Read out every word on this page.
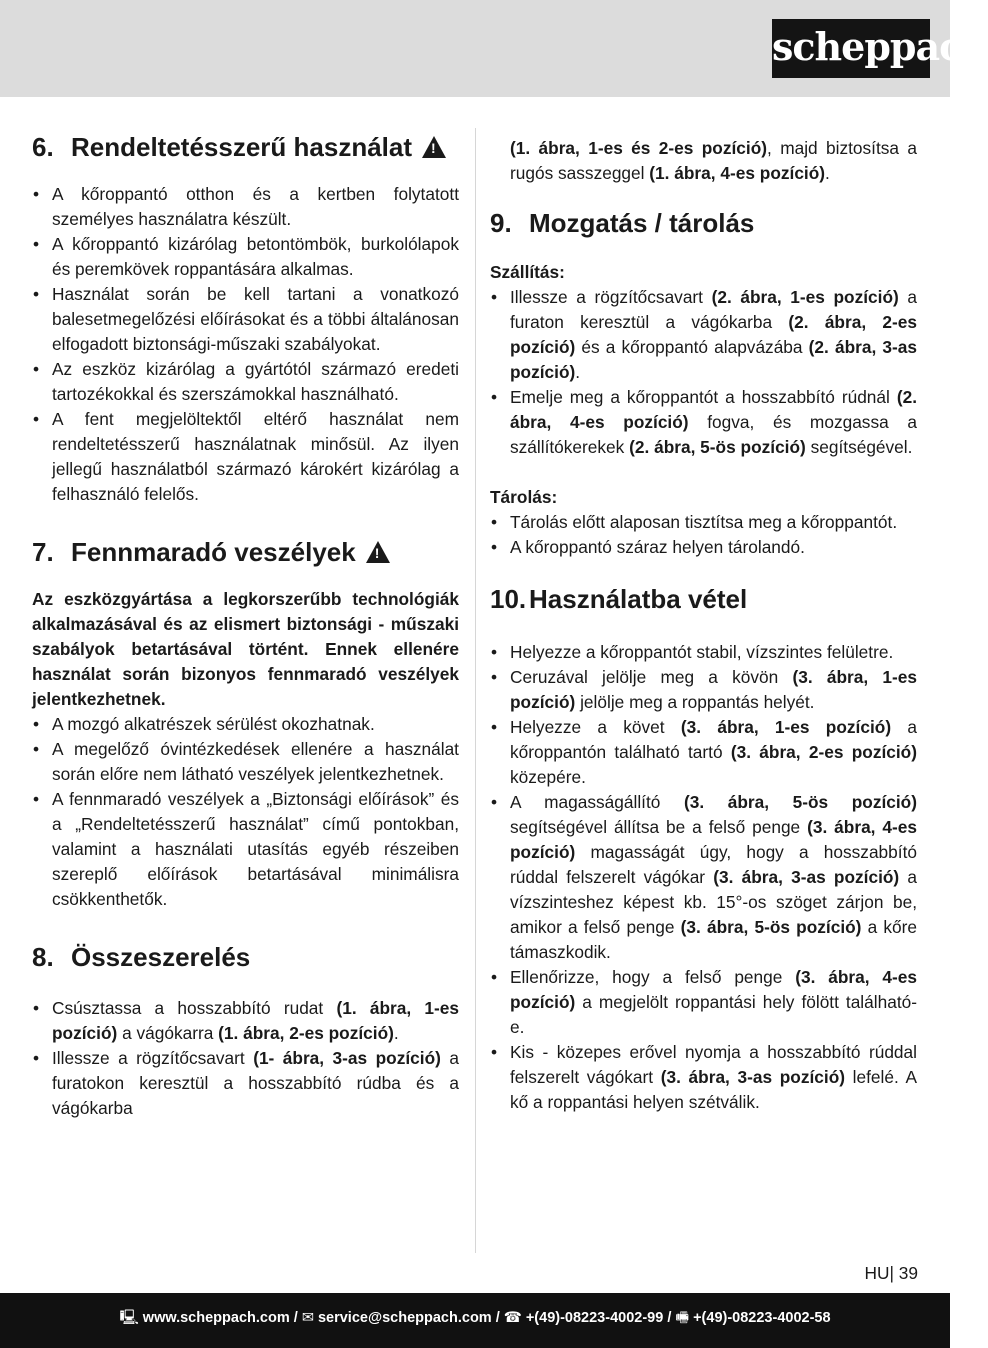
scheppach
6. Rendeltetésszerű használat
!
• A kőroppantó otthon és a kertben folytatott személyes használatra készült.
• A kőroppantó kizárólag betontömbök, burkolólapok és peremkövek roppantására alkalmas.
• Használat során be kell tartani a vonatkozó balesetmegelőzési előírásokat és a többi általánosan elfogadott biztonsági-műszaki szabályokat.
• Az eszköz kizárólag a gyártótól származó eredeti tartozékokkal és szerszámokkal használható.
• A fent megjelöltektől eltérő használat nem rendeltetésszerű használatnak minősül. Az ilyen jellegű használatból származó károkért kizárólag a felhasználó felelős.
7. Fennmaradó veszélyek
!

Az eszközgyártása a legkorszerűbb technológiák alkalmazásával és az elismert biztonsági - műszaki szabályok betartásával történt. Ennek ellenére használat során bizonyos fennmaradó veszélyek jelentkezhetnek.

• A mozgó alkatrészek sérülést okozhatnak.
• A megelőző óvintézkedések ellenére a használat során előre nem látható veszélyek jelentkezhetnek.
• A fennmaradó veszélyek a „Biztonsági előírások” és a „Rendeltetésszerű használat” című pontokban, valamint a használati utasítás egyéb részeiben szereplő előírások betartásával minimálisra csökkenthetők.
8. Összeszerelés
• Csúsztassa a hosszabbító rudat (1. ábra, 1-es pozíció) a vágókarra (1. ábra, 2-es pozíció).
• Illessze a rögzítőcsavart (1- ábra, 3-as pozíció) a furatokon keresztül a hosszabbító rúdba és a vágókarba

(1. ábra, 1-es és 2-es pozíció), majd biztosítsa a rugós sasszeggel (1. ábra, 4-es pozíció).

9. Mozgatás / tárolás
Szállítás:
• Illessze a rögzítőcsavart (2. ábra, 1-es pozíció) a furaton keresztül a vágókarba (2. ábra, 2-es pozíció) és a kőroppantó alapvázába (2. ábra, 3-as pozíció).
• Emelje meg a kőroppantót a hosszabbító rúdnál (2. ábra, 4-es pozíció) fogva, és mozgassa a szállítókerekek (2. ábra, 5-ös pozíció) segítségével.
Tárolás:
• Tárolás előtt alaposan tisztítsa meg a kőroppantót.
• A kőroppantó száraz helyen tárolandó.
10. Használatba vétel
• Helyezze a kőroppantót stabil, vízszintes felületre.
• Ceruzával jelölje meg a kövön (3. ábra, 1-es pozíció) jelölje meg a roppantás helyét.
• Helyezze a követ (3. ábra, 1-es pozíció) a kőroppantón található tartó (3. ábra, 2-es pozíció) közepére.
• A magasságállító (3. ábra, 5-ös pozíció) segítségével állítsa be a felső penge (3. ábra, 4-es pozíció) magasságát úgy, hogy a hosszabbító rúddal felszerelt vágókar (3. ábra, 3-as pozíció) a vízszinteshez képest kb. 15°-os szöget zárjon be, amikor a felső penge (3. ábra, 5-ös pozíció) a kőre támaszkodik.
• Ellenőrizze, hogy a felső penge (3. ábra, 4-es pozíció) a megjelölt roppantási hely fölött található-e.
• Kis - közepes erővel nyomja a hosszabbító rúddal felszerelt vágókart (3. ábra, 3-as pozíció) lefelé. A kő a roppantási helyen szétválik.
HU| 39
🖳 www.scheppach.com / ✉ service@scheppach.com / ☎ +(49)-08223-4002-99 / 🖷 +(49)-08223-4002-58
